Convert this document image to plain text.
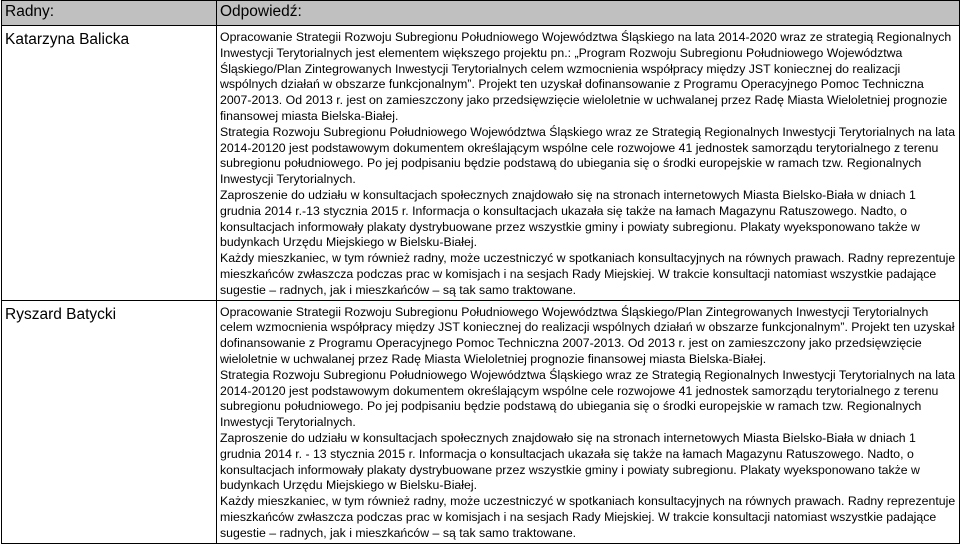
Radny:	Odpowiedź:
Katarzyna Balicka	Opracowanie Strategii Rozwoju Subregionu Południowego Województwa Śląskiego na lata 2014-2020 wraz ze strategią Regionalnych Inwestycji Terytorialnych jest elementem większego projektu pn.: „Program Rozwoju Subregionu Południowego Województwa Śląskiego/Plan Zintegrowanych Inwestycji Terytorialnych celem wzmocnienia współpracy między JST koniecznej do realizacji wspólnych działań w obszarze funkcjonalnym”. Projekt ten uzyskał dofinansowanie z Programu Operacyjnego Pomoc Techniczna 2007-2013. Od 2013 r. jest on zamieszczony jako przedsięwzięcie wieloletnie w uchwalanej przez Radę Miasta Wieloletniej prognozie finansowej miasta Bielska-Białej.

Strategia Rozwoju Subregionu Południowego Województwa Śląskiego wraz ze Strategią Regionalnych Inwestycji Terytorialnych na lata 2014-20120 jest podstawowym dokumentem określającym wspólne cele rozwojowe 41 jednostek samorządu terytorialnego z terenu subregionu południowego. Po jej podpisaniu będzie podstawą do ubiegania się o środki europejskie w ramach tzw. Regionalnych Inwestycji Terytorialnych.

Zaproszenie do udziału w konsultacjach społecznych znajdowało się na stronach internetowych Miasta Bielsko-Biała w dniach 1 grudnia 2014 r.-13 stycznia 2015 r. Informacja o konsultacjach ukazała się także na łamach Magazynu Ratuszowego. Nadto, o konsultacjach informowały plakaty dystrybuowane przez wszystkie gminy i powiaty subregionu. Plakaty wyeksponowano także w budynkach Urzędu Miejskiego w Bielsku-Białej.

Każdy mieszkaniec, w tym również radny, może uczestniczyć w spotkaniach konsultacyjnych na równych prawach. Radny reprezentuje mieszkańców zwłaszcza podczas prac w komisjach i na sesjach Rady Miejskiej. W trakcie konsultacji natomiast wszystkie padające sugestie – radnych, jak i mieszkańców – są tak samo traktowane.

Ryszard Batycki	Opracowanie Strategii Rozwoju Subregionu Południowego Województwa Śląskiego/Plan Zintegrowanych Inwestycji Terytorialnych celem wzmocnienia współpracy między JST koniecznej do realizacji wspólnych działań w obszarze funkcjonalnym”. Projekt ten uzyskał dofinansowanie z Programu Operacyjnego Pomoc Techniczna 2007-2013. Od 2013 r. jest on zamieszczony jako przedsięwzięcie wieloletnie w uchwalanej przez Radę Miasta Wieloletniej prognozie finansowej miasta Bielska-Białej.

Strategia Rozwoju Subregionu Południowego Województwa Śląskiego wraz ze Strategią Regionalnych Inwestycji Terytorialnych na lata 2014-20120 jest podstawowym dokumentem określającym wspólne cele rozwojowe 41 jednostek samorządu terytorialnego z terenu subregionu południowego. Po jej podpisaniu będzie podstawą do ubiegania się o środki europejskie w ramach tzw. Regionalnych Inwestycji Terytorialnych.

Zaproszenie do udziału w konsultacjach społecznych znajdowało się na stronach internetowych Miasta Bielsko-Biała w dniach 1 grudnia 2014 r. - 13 stycznia 2015 r. Informacja o konsultacjach ukazała się także na łamach Magazynu Ratuszowego. Nadto, o konsultacjach informowały plakaty dystrybuowane przez wszystkie gminy i powiaty subregionu. Plakaty wyeksponowano także w budynkach Urzędu Miejskiego w Bielsku-Białej.

Każdy mieszkaniec, w tym również radny, może uczestniczyć w spotkaniach konsultacyjnych na równych prawach. Radny reprezentuje mieszkańców zwłaszcza podczas prac w komisjach i na sesjach Rady Miejskiej. W trakcie konsultacji natomiast wszystkie padające sugestie – radnych, jak i mieszkańców – są tak samo traktowane.
